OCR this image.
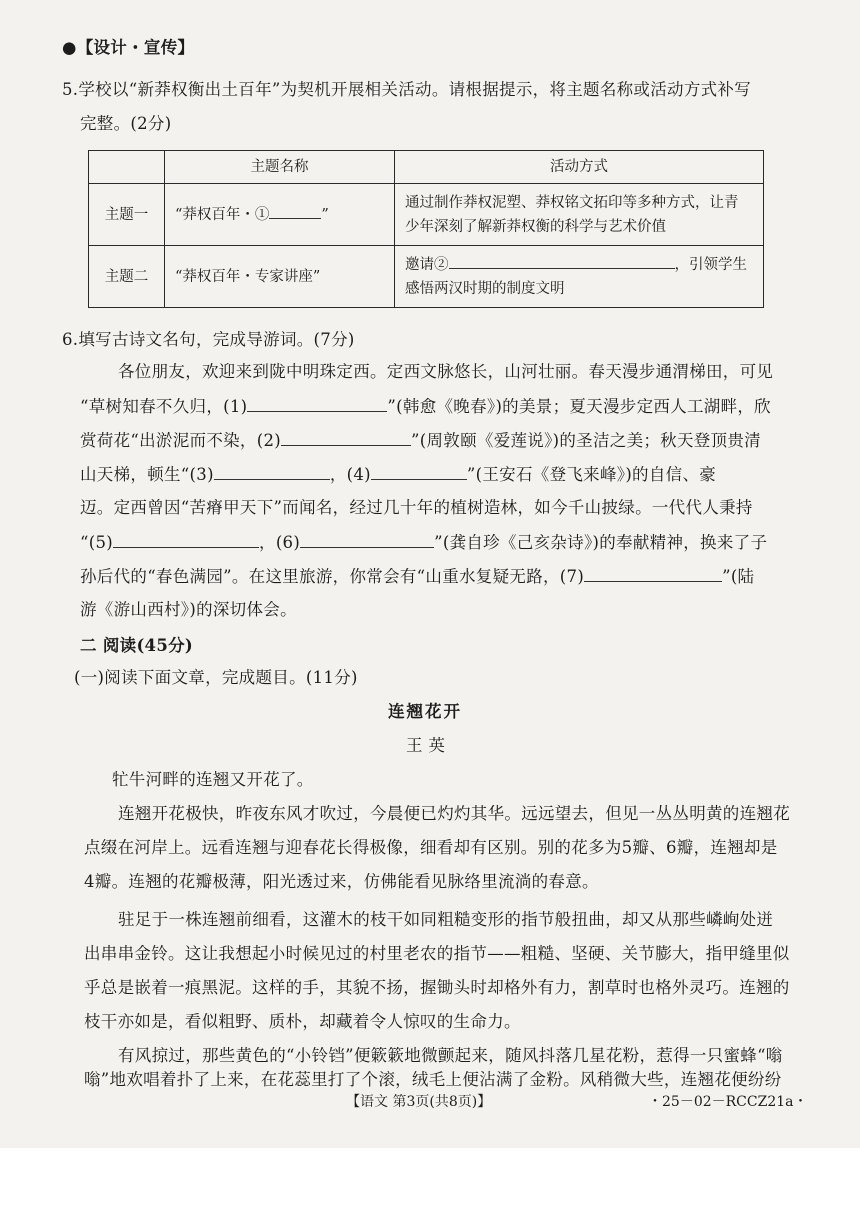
●【设计・宣传】
5.学校以“新莽权衡出土百年”为契机开展相关活动。请根据提示，将主题名称或活动方式补写
完整。(2分)
	主题名称	活动方式
主题一	“莽权百年・① ”	通过制作莽权泥塑、莽权铭文拓印等多种方式，让青
少年深刻了解新莽权衡的科学与艺术价值
主题二	“莽权百年・专家讲座”	邀请② ，引领学生
感悟两汉时期的制度文明
6.填写古诗文名句，完成导游词。(7分)
各位朋友，欢迎来到陇中明珠定西。定西文脉悠长，山河壮丽。春天漫步通渭梯田，可见
“草树知春不久归，(1)	”(韩愈《晚春》)的美景；夏天漫步定西人工湖畔，欣
赏荷花“出淤泥而不染，(2)	”(周敦颐《爱莲说》)的圣洁之美；秋天登顶贵清
山天梯，顿生“(3)	，(4)	”(王安石《登飞来峰》)的自信、豪
迈。定西曾因“苦瘠甲天下”而闻名，经过几十年的植树造林，如今千山披绿。一代代人秉持
“(5)	，(6)	”(龚自珍《己亥杂诗》)的奉献精神，换来了子
孙后代的“春色满园”。在这里旅游，你常会有“山重水复疑无路，(7)	”(陆
游《游山西村》)的深切体会。
二 阅读(45分)
(一)阅读下面文章，完成题目。(11分)
连翘花开
王 英
牤牛河畔的连翘又开花了。
连翘开花极快，昨夜东风才吹过，今晨便已灼灼其华。远远望去，但见一丛丛明黄的连翘花
点缀在河岸上。远看连翘与迎春花长得极像，细看却有区别。别的花多为5瓣、6瓣，连翘却是
4瓣。连翘的花瓣极薄，阳光透过来，仿佛能看见脉络里流淌的春意。
驻足于一株连翘前细看，这灌木的枝干如同粗糙变形的指节般扭曲，却又从那些嶙峋处迸
出串串金铃。这让我想起小时候见过的村里老农的指节——粗糙、坚硬、关节膨大，指甲缝里似
乎总是嵌着一痕黑泥。这样的手，其貌不扬，握锄头时却格外有力，割草时也格外灵巧。连翘的
枝干亦如是，看似粗野、质朴，却藏着令人惊叹的生命力。
有风掠过，那些黄色的“小铃铛”便簌簌地微颤起来，随风抖落几星花粉，惹得一只蜜蜂“嗡
嗡”地欢唱着扑了上来，在花蕊里打了个滚，绒毛上便沾满了金粉。风稍微大些，连翘花便纷纷
【语文 第3页(共8页)】	・25－02－RCCZ21a・
